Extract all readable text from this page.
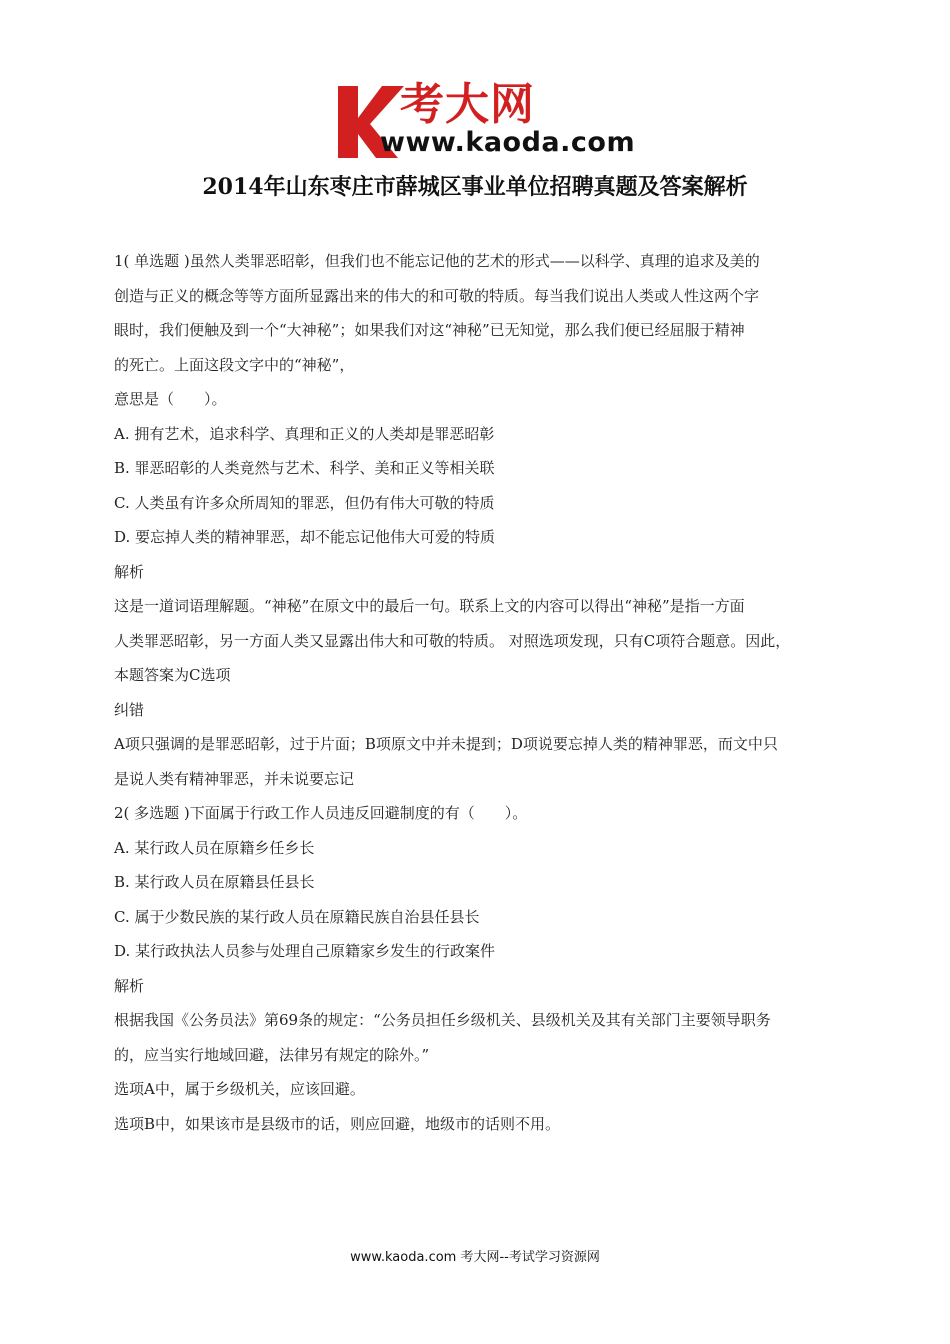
考大网
www.kaoda.com
2014年山东枣庄市薛城区事业单位招聘真题及答案解析

1( 单选题 )虽然人类罪恶昭彰，但我们也不能忘记他的艺术的形式——以科学、真理的追求及美的

创造与正义的概念等等方面所显露出来的伟大的和可敬的特质。每当我们说出人类或人性这两个字

眼时，我们便触及到一个“大神秘”；如果我们对这“神秘”已无知觉，那么我们便已经屈服于精神

的死亡。上面这段文字中的“神秘”，

意思是（　　）。

A. 拥有艺术，追求科学、真理和正义的人类却是罪恶昭彰

B. 罪恶昭彰的人类竟然与艺术、科学、美和正义等相关联

C. 人类虽有许多众所周知的罪恶，但仍有伟大可敬的特质

D. 要忘掉人类的精神罪恶，却不能忘记他伟大可爱的特质

解析

这是一道词语理解题。“神秘”在原文中的最后一句。联系上文的内容可以得出“神秘”是指一方面

人类罪恶昭彰，另一方面人类又显露出伟大和可敬的特质。 对照选项发现，只有C项符合题意。因此，

本题答案为C选项

纠错

A项只强调的是罪恶昭彰，过于片面；B项原文中并未提到；D项说要忘掉人类的精神罪恶，而文中只

是说人类有精神罪恶，并未说要忘记

2( 多选题 )下面属于行政工作人员违反回避制度的有（　　）。

A. 某行政人员在原籍乡任乡长

B. 某行政人员在原籍县任县长

C. 属于少数民族的某行政人员在原籍民族自治县任县长

D. 某行政执法人员参与处理自己原籍家乡发生的行政案件

解析

根据我国《公务员法》第69条的规定：“公务员担任乡级机关、县级机关及其有关部门主要领导职务

的，应当实行地域回避，法律另有规定的除外。”

选项A中，属于乡级机关，应该回避。

选项B中，如果该市是县级市的话，则应回避，地级市的话则不用。

www.kaoda.com 考大网--考试学习资源网
